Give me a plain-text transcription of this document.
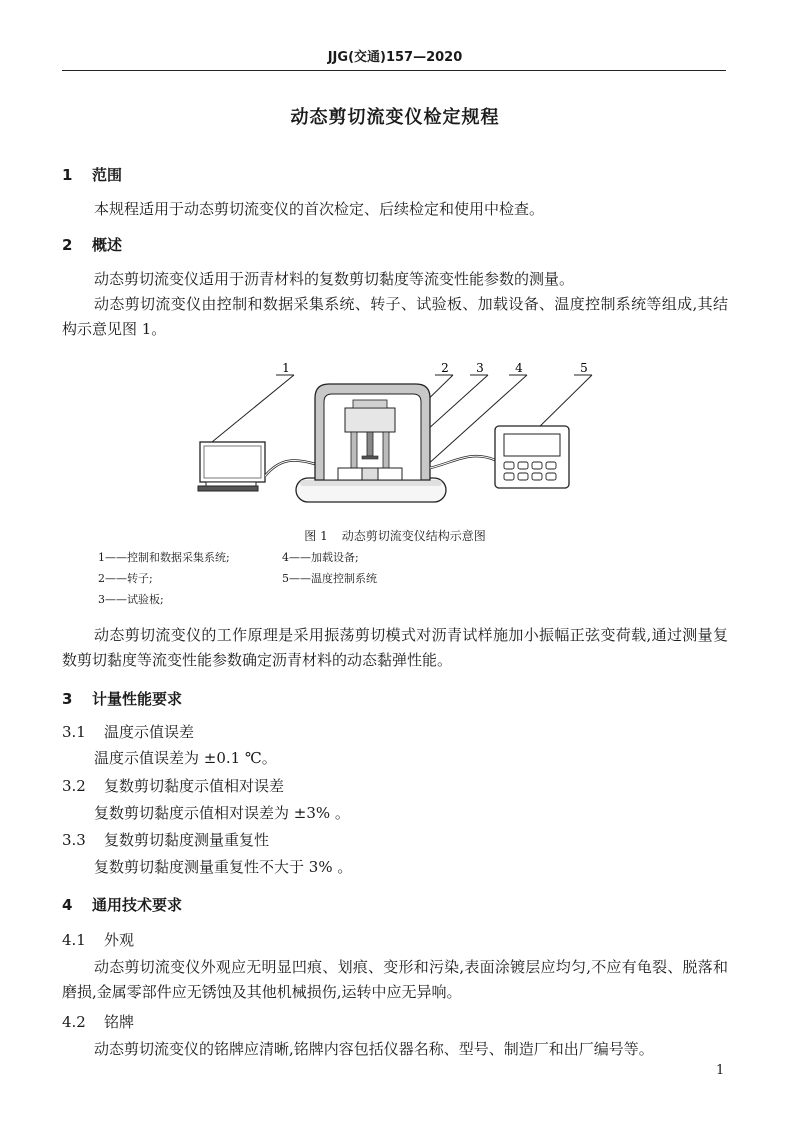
JJG(交通)157—2020
动态剪切流变仪检定规程
1 范围
本规程适用于动态剪切流变仪的首次检定、后续检定和使用中检查。
2 概述
动态剪切流变仪适用于沥青材料的复数剪切黏度等流变性能参数的测量。
动态剪切流变仪由控制和数据采集系统、转子、试验板、加载设备、温度控制系统等组成,其结构示意见图 1。
1	2 3	4	5
图 1 动态剪切流变仪结构示意图
1——控制和数据采集系统;
2——转子;
3——试验板;
4——加载设备;
5——温度控制系统
动态剪切流变仪的工作原理是采用振荡剪切模式对沥青试样施加小振幅正弦变荷载,通过测量复数剪切黏度等流变性能参数确定沥青材料的动态黏弹性能。
3 计量性能要求
3.1 温度示值误差
温度示值误差为 ±0.1 ℃。
3.2 复数剪切黏度示值相对误差
复数剪切黏度示值相对误差为 ±3% 。
3.3 复数剪切黏度测量重复性
复数剪切黏度测量重复性不大于 3% 。
4 通用技术要求
4.1 外观
动态剪切流变仪外观应无明显凹痕、划痕、变形和污染,表面涂镀层应均匀,不应有龟裂、脱落和磨损,金属零部件应无锈蚀及其他机械损伤,运转中应无异响。
4.2 铭牌
动态剪切流变仪的铭牌应清晰,铭牌内容包括仪器名称、型号、制造厂和出厂编号等。
1
